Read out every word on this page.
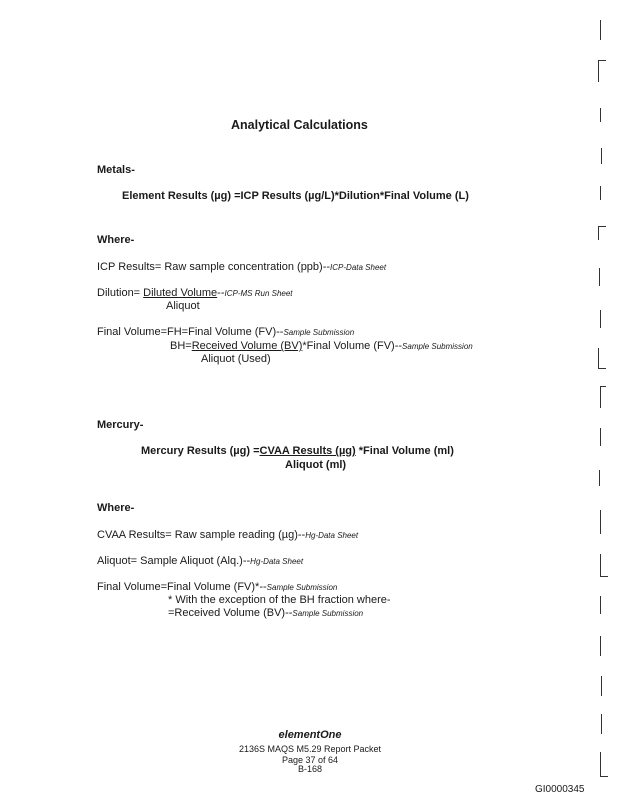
Analytical Calculations
Metals-
Element Results (µg) =ICP Results (µg/L)*Dilution*Final Volume (L)
Where-
ICP Results= Raw sample concentration (ppb)--ICP-Data Sheet
Dilution= Diluted Volume--ICP-MS Run Sheet
Aliquot
Final Volume=FH=Final Volume (FV)--Sample Submission
BH=Received Volume (BV)*Final Volume (FV)--Sample Submission
Aliquot (Used)
Mercury-
Mercury Results (µg) =CVAA Results (µg) *Final Volume (ml)
Aliquot (ml)
Where-
CVAA Results= Raw sample reading (µg)--Hg-Data Sheet
Aliquot= Sample Aliquot (Alq.)--Hg-Data Sheet
Final Volume=Final Volume (FV)*--Sample Submission
* With the exception of the BH fraction where-
=Received Volume (BV)--Sample Submission
elementOne
2136S MAQS M5.29 Report Packet
Page 37 of 64
B-168
GI0000345
